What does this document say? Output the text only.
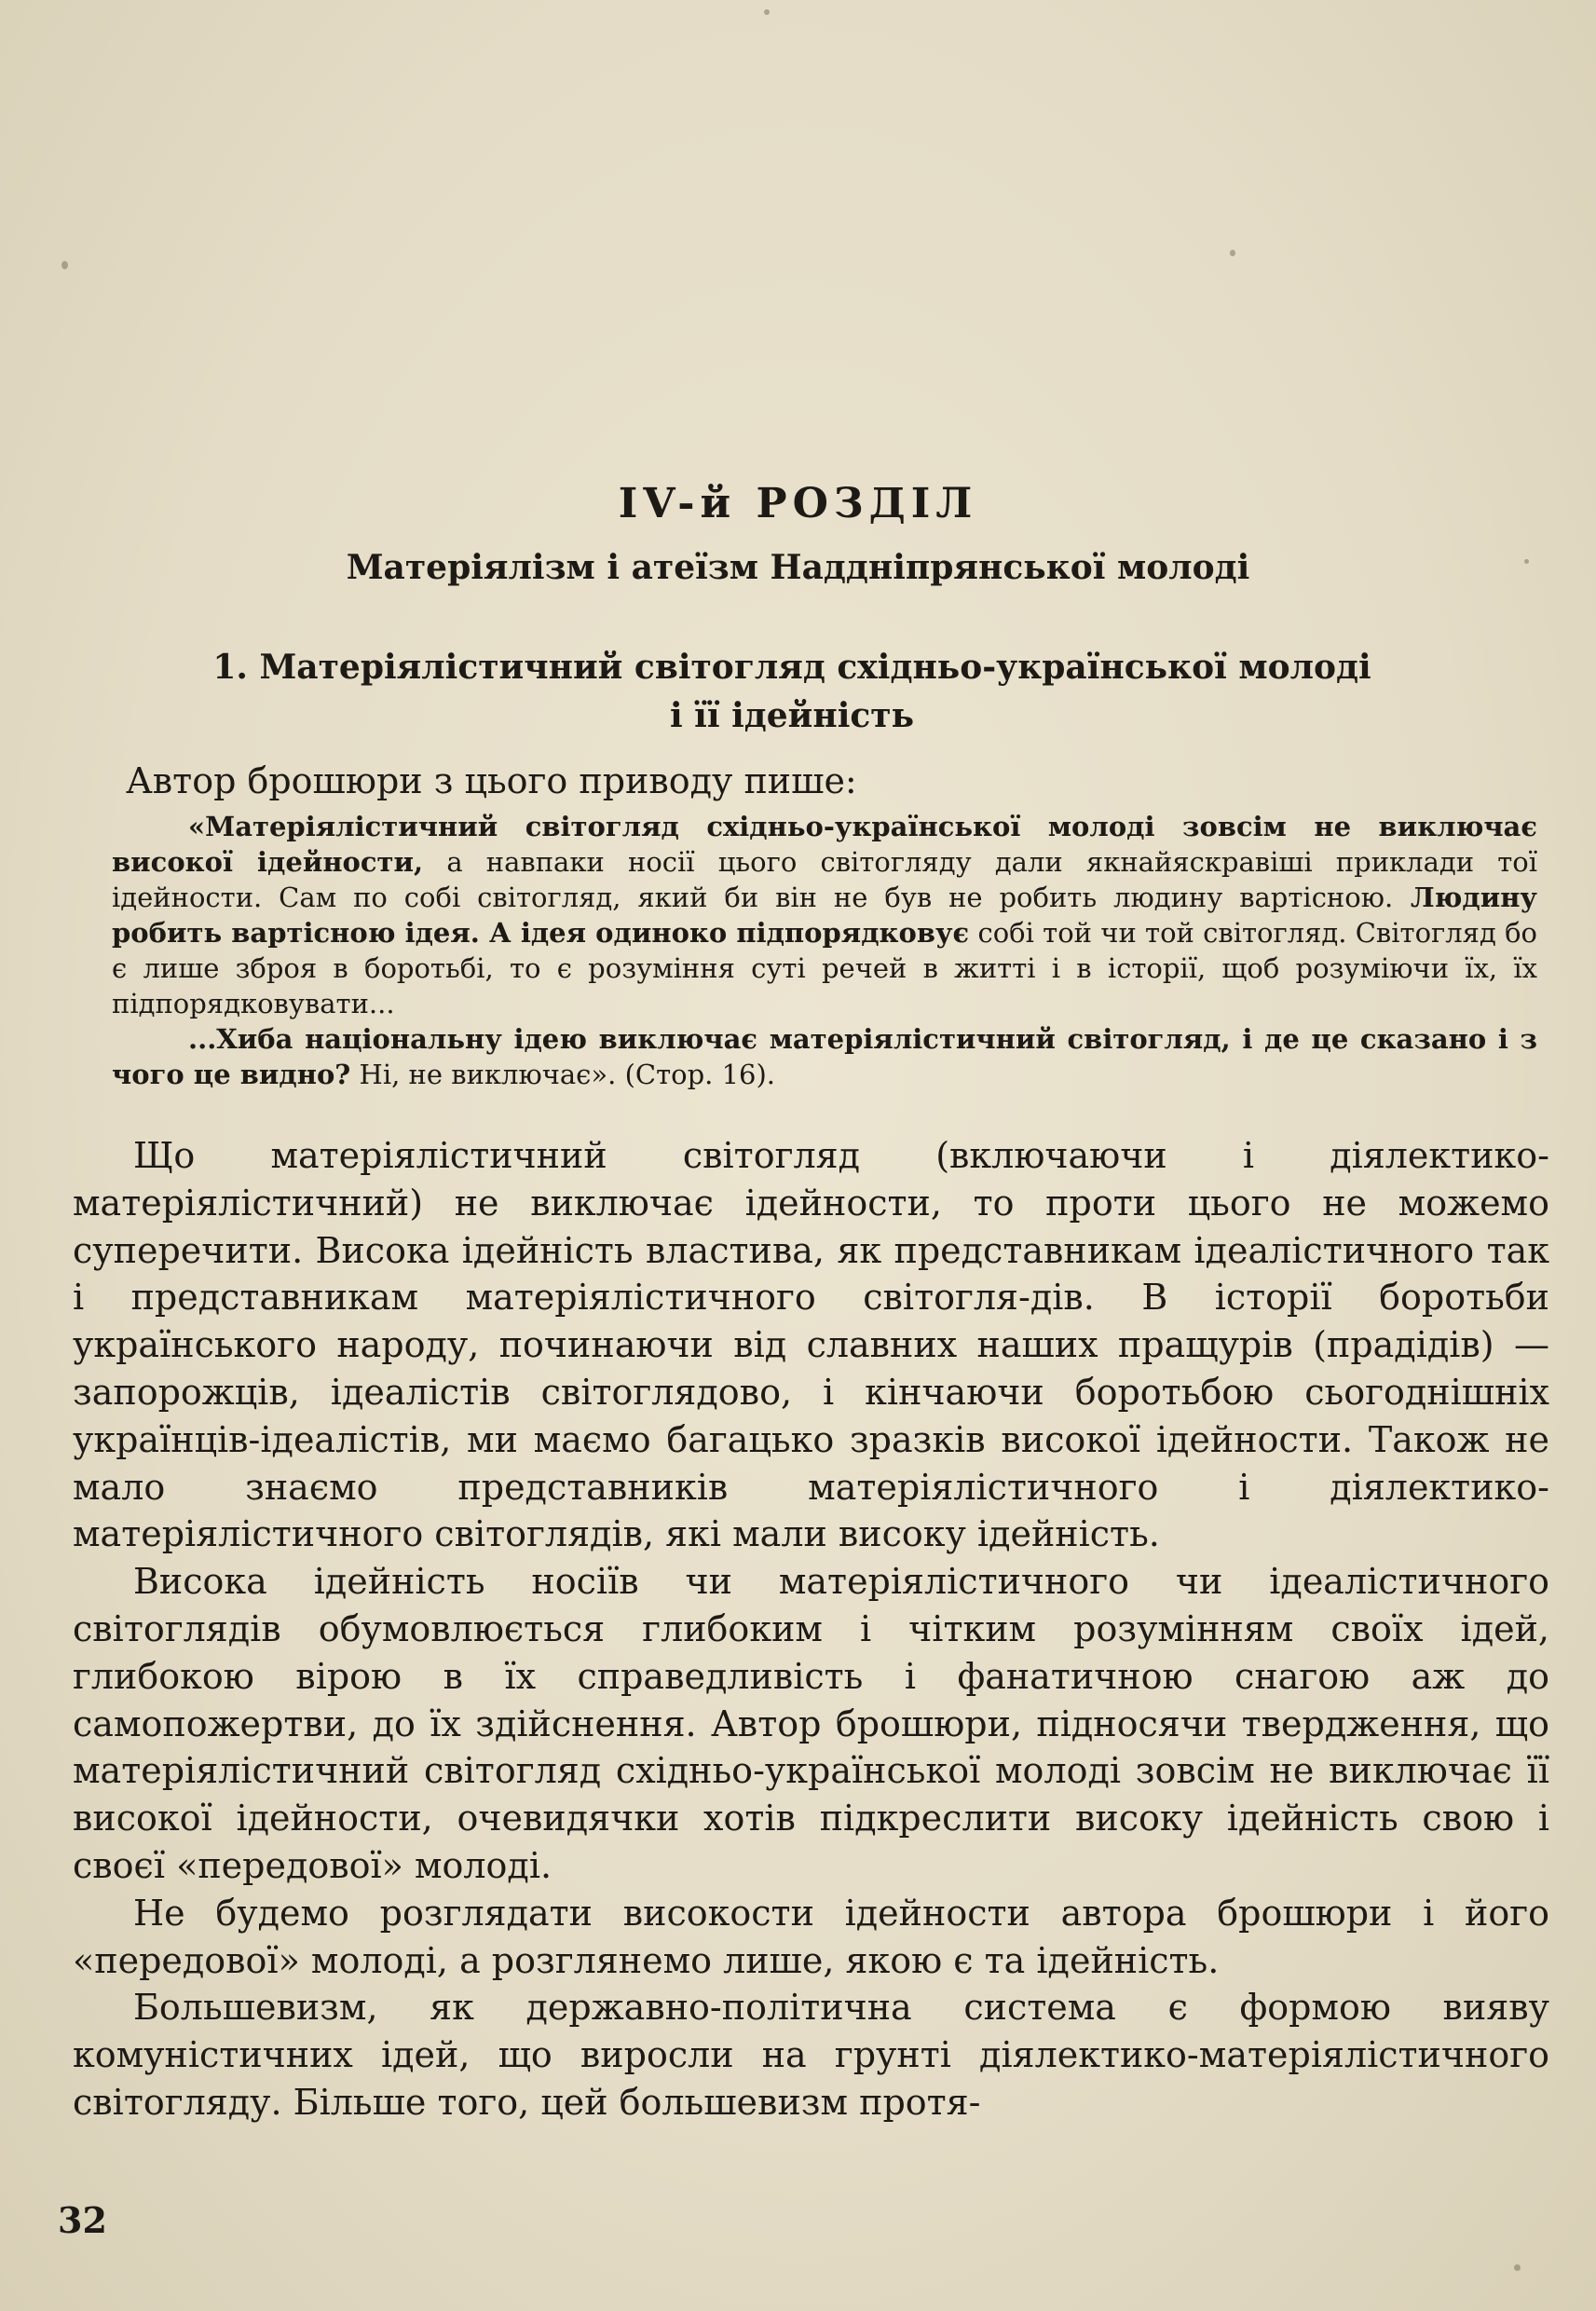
IV-й РОЗДІЛ
Матеріялізм і атеїзм Наддніпрянської молоді
1. Матеріялістичний світогляд східньо-української молоді
і її ідейність
Автор брошюри з цього приводу пише:

«Матеріялістичний світогляд східньо-української молоді зовсім не виключає високої ідейности, а навпаки носії цього світогляду дали якнайяскравіші приклади тої ідейности. Сам по собі світогляд, який би він не був не робить людину вартісною. Людину робить вартісною ідея. А ідея одиноко підпорядковує собі той чи той світогляд. Світогляд бо є лише зброя в боротьбі, то є розуміння суті речей в житті і в історії, щоб розуміючи їх, їх підпорядковувати...

...Хиба національну ідею виключає матеріялістичний світогляд, і де це сказано і з чого це видно? Ні, не виключає». (Стор. 16).

Що матеріялістичний світогляд (включаючи і діялектико-матеріялістичний) не виключає ідейности, то проти цього не можемо суперечити. Висока ідейність властива, як представникам ідеалістичного так і представникам матеріялістичного світогля-дів. В історії боротьби українського народу, починаючи від славних наших пращурів (прадідів) — запорожців, ідеалістів світоглядово, і кінчаючи боротьбою сьогоднішніх українців-ідеалістів, ми маємо багацько зразків високої ідейности. Також не мало знаємо представників матеріялістичного і діялектико-матеріялістичного світоглядів, які мали високу ідейність.

Висока ідейність носіїв чи матеріялістичного чи ідеалістичного світоглядів обумовлюється глибоким і чітким розумінням своїх ідей, глибокою вірою в їх справедливість і фанатичною снагою аж до самопожертви, до їх здійснення. Автор брошюри, підносячи твердження, що матеріялістичний світогляд східньо-української молоді зовсім не виключає її високої ідейности, очевидячки хотів підкреслити високу ідейність свою і своєї «передової» молоді.

Не будемо розглядати високости ідейности автора брошюри і його «передової» молоді, а розглянемо лише, якою є та ідейність.

Большевизм, як державно-політична система є формою вияву комуністичних ідей, що виросли на грунті діялектико-матеріялістичного світогляду. Більше того, цей большевизм протя-

32
